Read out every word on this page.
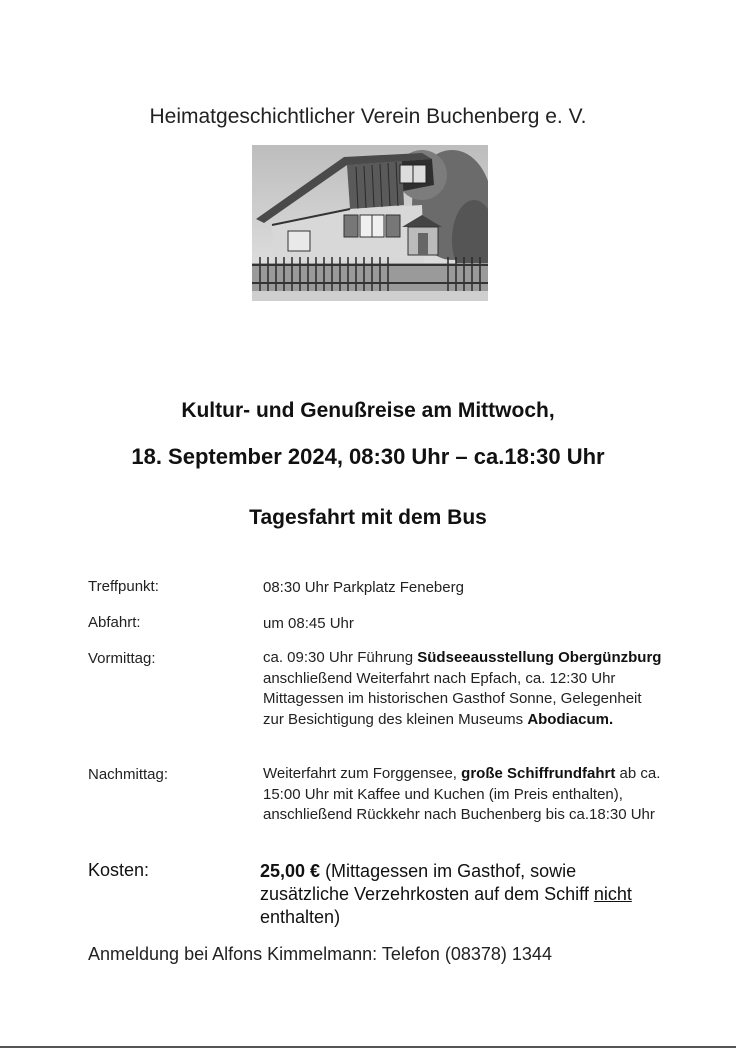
Heimatgeschichtlicher Verein Buchenberg e. V.
Kultur- und Genußreise am Mittwoch,
18. September 2024, 08:30 Uhr – ca.18:30 Uhr
Tagesfahrt mit dem Bus
Treffpunkt:	08:30 Uhr Parkplatz Feneberg
Abfahrt:	um 08:45 Uhr
Vormittag:	ca. 09:30 Uhr Führung Südseeausstellung Obergünzburg anschließend Weiterfahrt nach Epfach, ca. 12:30 Uhr Mittagessen im historischen Gasthof Sonne, Gelegenheit zur Besichtigung des kleinen Museums Abodiacum.
Nachmittag:	Weiterfahrt zum Forggensee, große Schiffrundfahrt ab ca. 15:00 Uhr mit Kaffee und Kuchen (im Preis enthalten), anschließend Rückkehr nach Buchenberg bis ca.18:30 Uhr
Kosten:	25,00 € (Mittagessen im Gasthof, sowie zusätzliche Verzehrkosten auf dem Schiff nicht enthalten)
Anmeldung bei Alfons Kimmelmann: Telefon (08378) 1344
